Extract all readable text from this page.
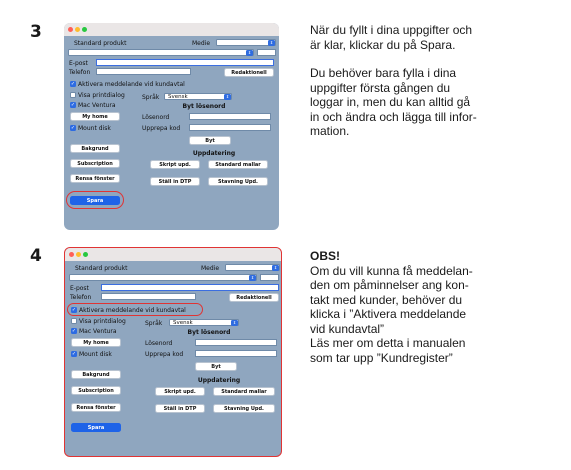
3
Standard produkt	Medie	⇕
⇕
E-post
Telefon	Redaktionell
✓ Aktivera meddelande vid kundavtal
Visa printdialog	Språk Svensk	⇕
✓ Mac Ventura	Byt lösenord
My home	Lösenord
✓ Mount disk	Upprepa kod
Byt
Bakgrund
Uppdatering
Subscription	Skript upd.	Standard mallar
Rensa fönster	Ställ in DTP	Stavning Upd.
Spara

När du fyllt i dina uppgifter och
är klar, klickar du på Spara.

Du behöver bara fylla i dina
uppgifter första gången du
loggar in, men du kan alltid gå
in och ändra och lägga till infor-
mation.

4
Standard produkt	Medie	⇕
⇕
E-post
Telefon	Redaktionell
✓ Aktivera meddelande vid kundavtal
Visa printdialog	Språk Svensk	⇕
✓ Mac Ventura	Byt lösenord
My home	Lösenord
✓ Mount disk	Upprepa kod
Byt
Bakgrund
Uppdatering
Subscription	Skript upd.	Standard mallar
Rensa fönster	Ställ in DTP	Stavning Upd.
Spara

OBS!

Om du vill kunna få meddelan-
den om påminnelser ang kon-
takt med kunder, behöver du
klicka i ”Aktivera meddelande
vid kundavtal”
Läs mer om detta i manualen
som tar upp ”Kundregister”
